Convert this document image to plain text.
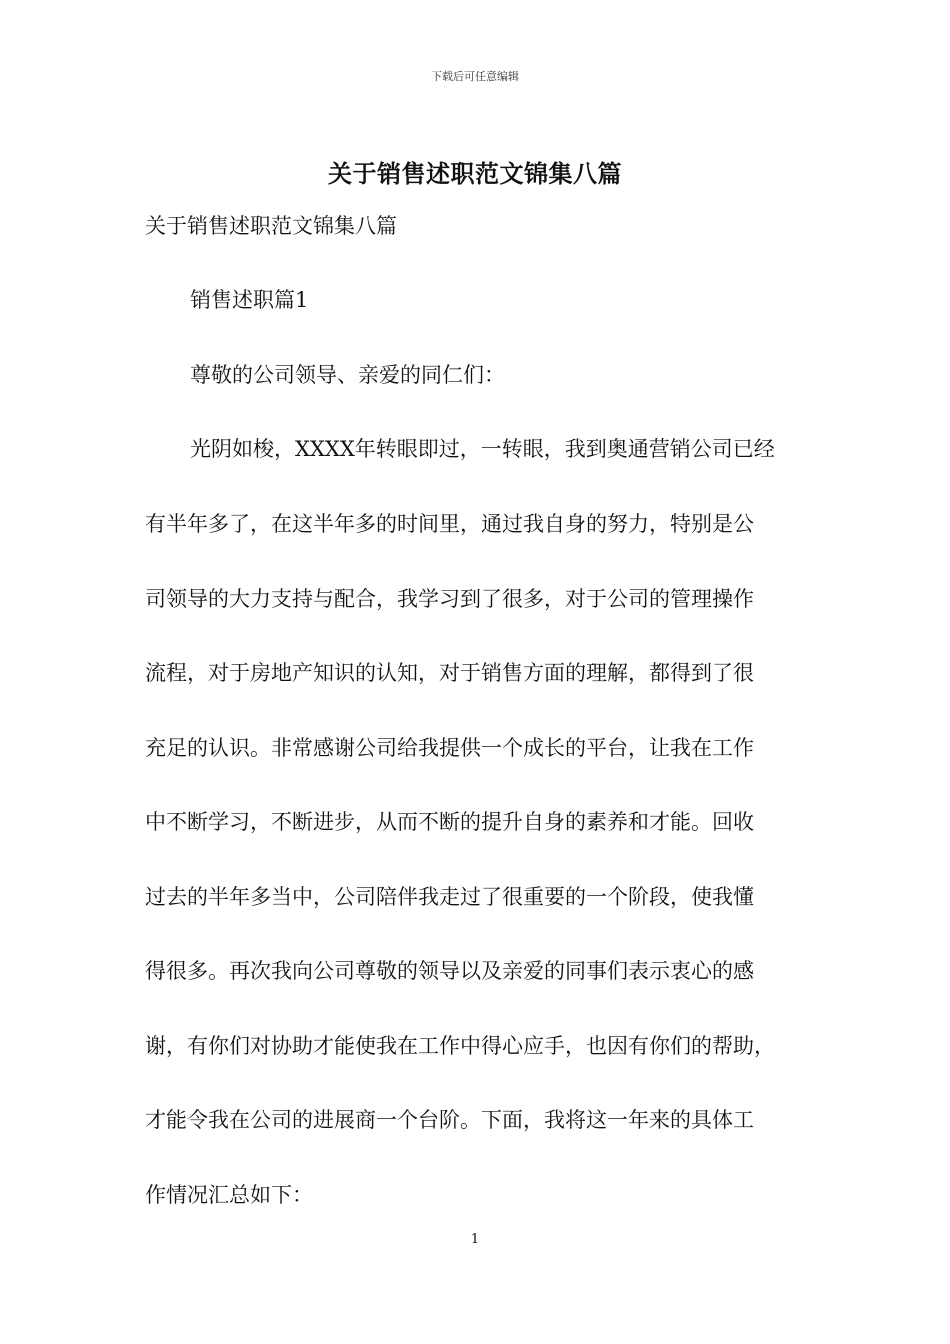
下载后可任意编辑
关于销售述职范文锦集八篇
关于销售述职范文锦集八篇
销售述职篇1
尊敬的公司领导、亲爱的同仁们：
光阴如梭，XXXX年转眼即过，一转眼，我到奥通营销公司已经
有半年多了，在这半年多的时间里，通过我自身的努力，特别是公
司领导的大力支持与配合，我学习到了很多，对于公司的管理操作
流程，对于房地产知识的认知，对于销售方面的理解，都得到了很
充足的认识。非常感谢公司给我提供一个成长的平台，让我在工作
中不断学习，不断进步，从而不断的提升自身的素养和才能。回收
过去的半年多当中，公司陪伴我走过了很重要的一个阶段，使我懂
得很多。再次我向公司尊敬的领导以及亲爱的同事们表示衷心的感
谢，有你们对协助才能使我在工作中得心应手，也因有你们的帮助，
才能令我在公司的进展商一个台阶。下面，我将这一年来的具体工
作情况汇总如下：
1
